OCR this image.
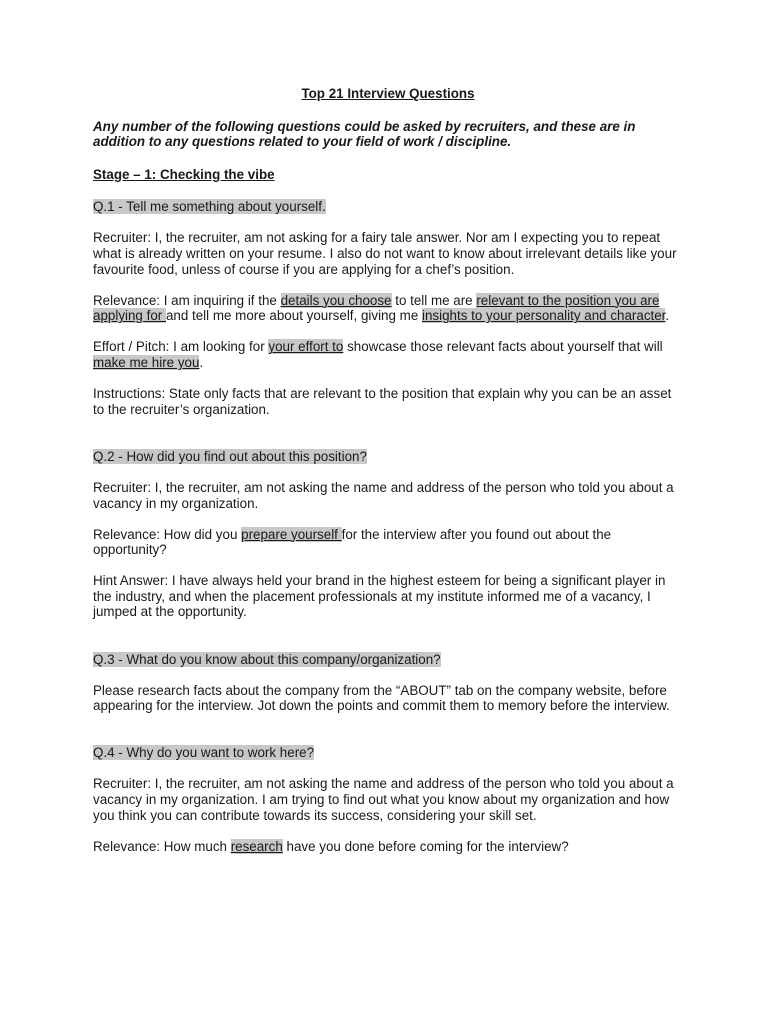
Top 21 Interview Questions
Any number of the following questions could be asked by recruiters, and these are in addition to any questions related to your field of work / discipline.
Stage – 1: Checking the vibe
Q.1 - Tell me something about yourself.

Recruiter: I, the recruiter, am not asking for a fairy tale answer. Nor am I expecting you to repeat what is already written on your resume. I also do not want to know about irrelevant details like your favourite food, unless of course if you are applying for a chef’s position.

Relevance: I am inquiring if the details you choose to tell me are relevant to the position you are applying for and tell me more about yourself, giving me insights to your personality and character.

Effort / Pitch: I am looking for your effort to showcase those relevant facts about yourself that will make me hire you.

Instructions: State only facts that are relevant to the position that explain why you can be an asset to the recruiter’s organization.

Q.2 - How did you find out about this position?

Recruiter: I, the recruiter, am not asking the name and address of the person who told you about a vacancy in my organization.

Relevance: How did you prepare yourself for the interview after you found out about the opportunity?

Hint Answer: I have always held your brand in the highest esteem for being a significant player in the industry, and when the placement professionals at my institute informed me of a vacancy, I jumped at the opportunity.

Q.3 - What do you know about this company/organization?

Please research facts about the company from the “ABOUT” tab on the company website, before appearing for the interview. Jot down the points and commit them to memory before the interview.

Q.4 - Why do you want to work here?

Recruiter: I, the recruiter, am not asking the name and address of the person who told you about a vacancy in my organization. I am trying to find out what you know about my organization and how you think you can contribute towards its success, considering your skill set.

Relevance: How much research have you done before coming for the interview?
